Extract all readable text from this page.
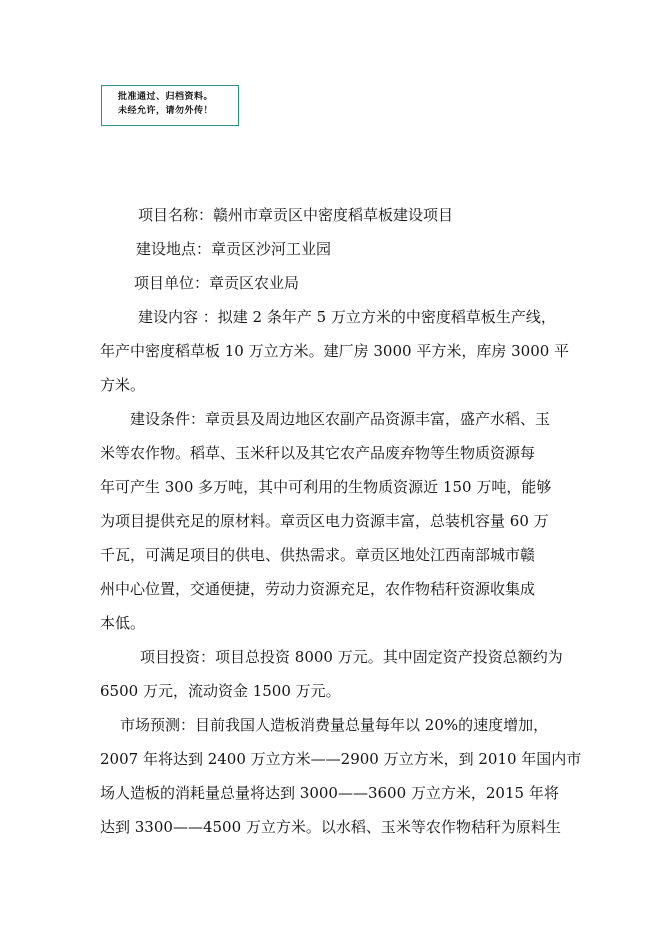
批准通过、归档资料。
未经允许，请勿外传！
项目名称：赣州市章贡区中密度稻草板建设项目
建设地点：章贡区沙河工业园
项目单位：章贡区农业局
建设内容 ：拟建 2 条年产 5 万立方米的中密度稻草板生产线，
年产中密度稻草板 10 万立方米。建厂房 3000 平方米，库房 3000 平
方米。
建设条件：章贡县及周边地区农副产品资源丰富，盛产水稻、玉
米等农作物。稻草、玉米秆以及其它农产品废弃物等生物质资源每
年可产生 300 多万吨，其中可利用的生物质资源近 150 万吨，能够
为项目提供充足的原材料。章贡区电力资源丰富，总装机容量 60 万
千瓦，可满足项目的供电、供热需求。章贡区地处江西南部城市赣
州中心位置，交通便捷，劳动力资源充足，农作物秸秆资源收集成
本低。
项目投资：项目总投资 8000 万元。其中固定资产投资总额约为
6500 万元，流动资金 1500 万元。
市场预测：目前我国人造板消费量总量每年以 20%的速度增加，
2007 年将达到 2400 万立方米——2900 万立方米，到 2010 年国内市
场人造板的消耗量总量将达到 3000——3600 万立方米，2015 年将
达到 3300——4500 万立方米。以水稻、玉米等农作物秸秆为原料生
